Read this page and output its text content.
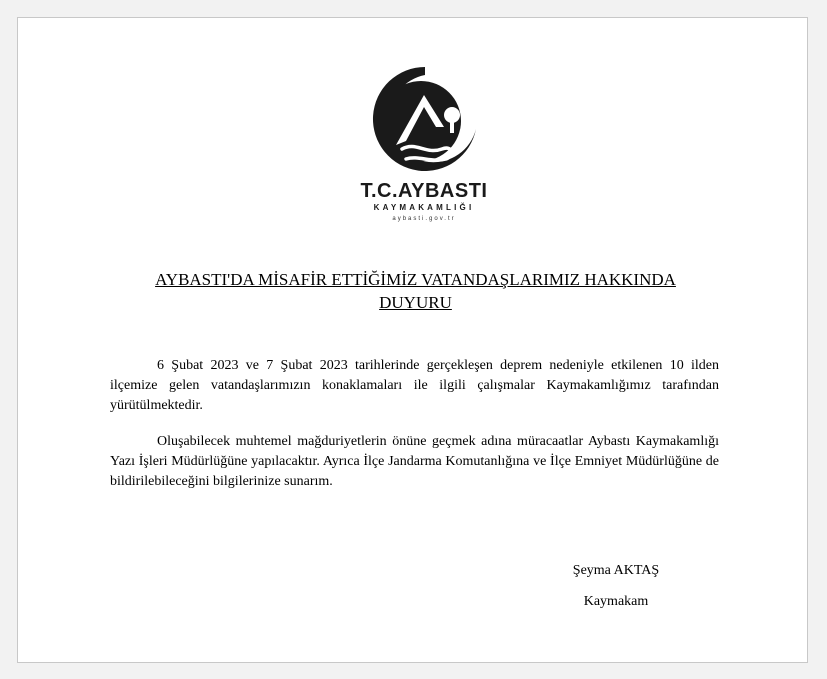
T.C.AYBASTI
KAYMAKAMLIĞI
aybasti.gov.tr
AYBASTI'DA MİSAFİR ETTİĞİMİZ VATANDAŞLARIMIZ HAKKINDA
DUYURU

6 Şubat 2023 ve 7 Şubat 2023 tarihlerinde gerçekleşen deprem nedeniyle etkilenen 10 ilden ilçemize gelen vatandaşlarımızın konaklamaları ile ilgili çalışmalar Kaymakamlığımız tarafından yürütülmektedir.

Oluşabilecek muhtemel mağduriyetlerin önüne geçmek adına müracaatlar Aybastı Kaymakamlığı Yazı İşleri Müdürlüğüne yapılacaktır. Ayrıca İlçe Jandarma Komutanlığına ve İlçe Emniyet Müdürlüğüne de bildirilebileceğini bilgilerinize sunarım.

Şeyma AKTAŞ
Kaymakam
